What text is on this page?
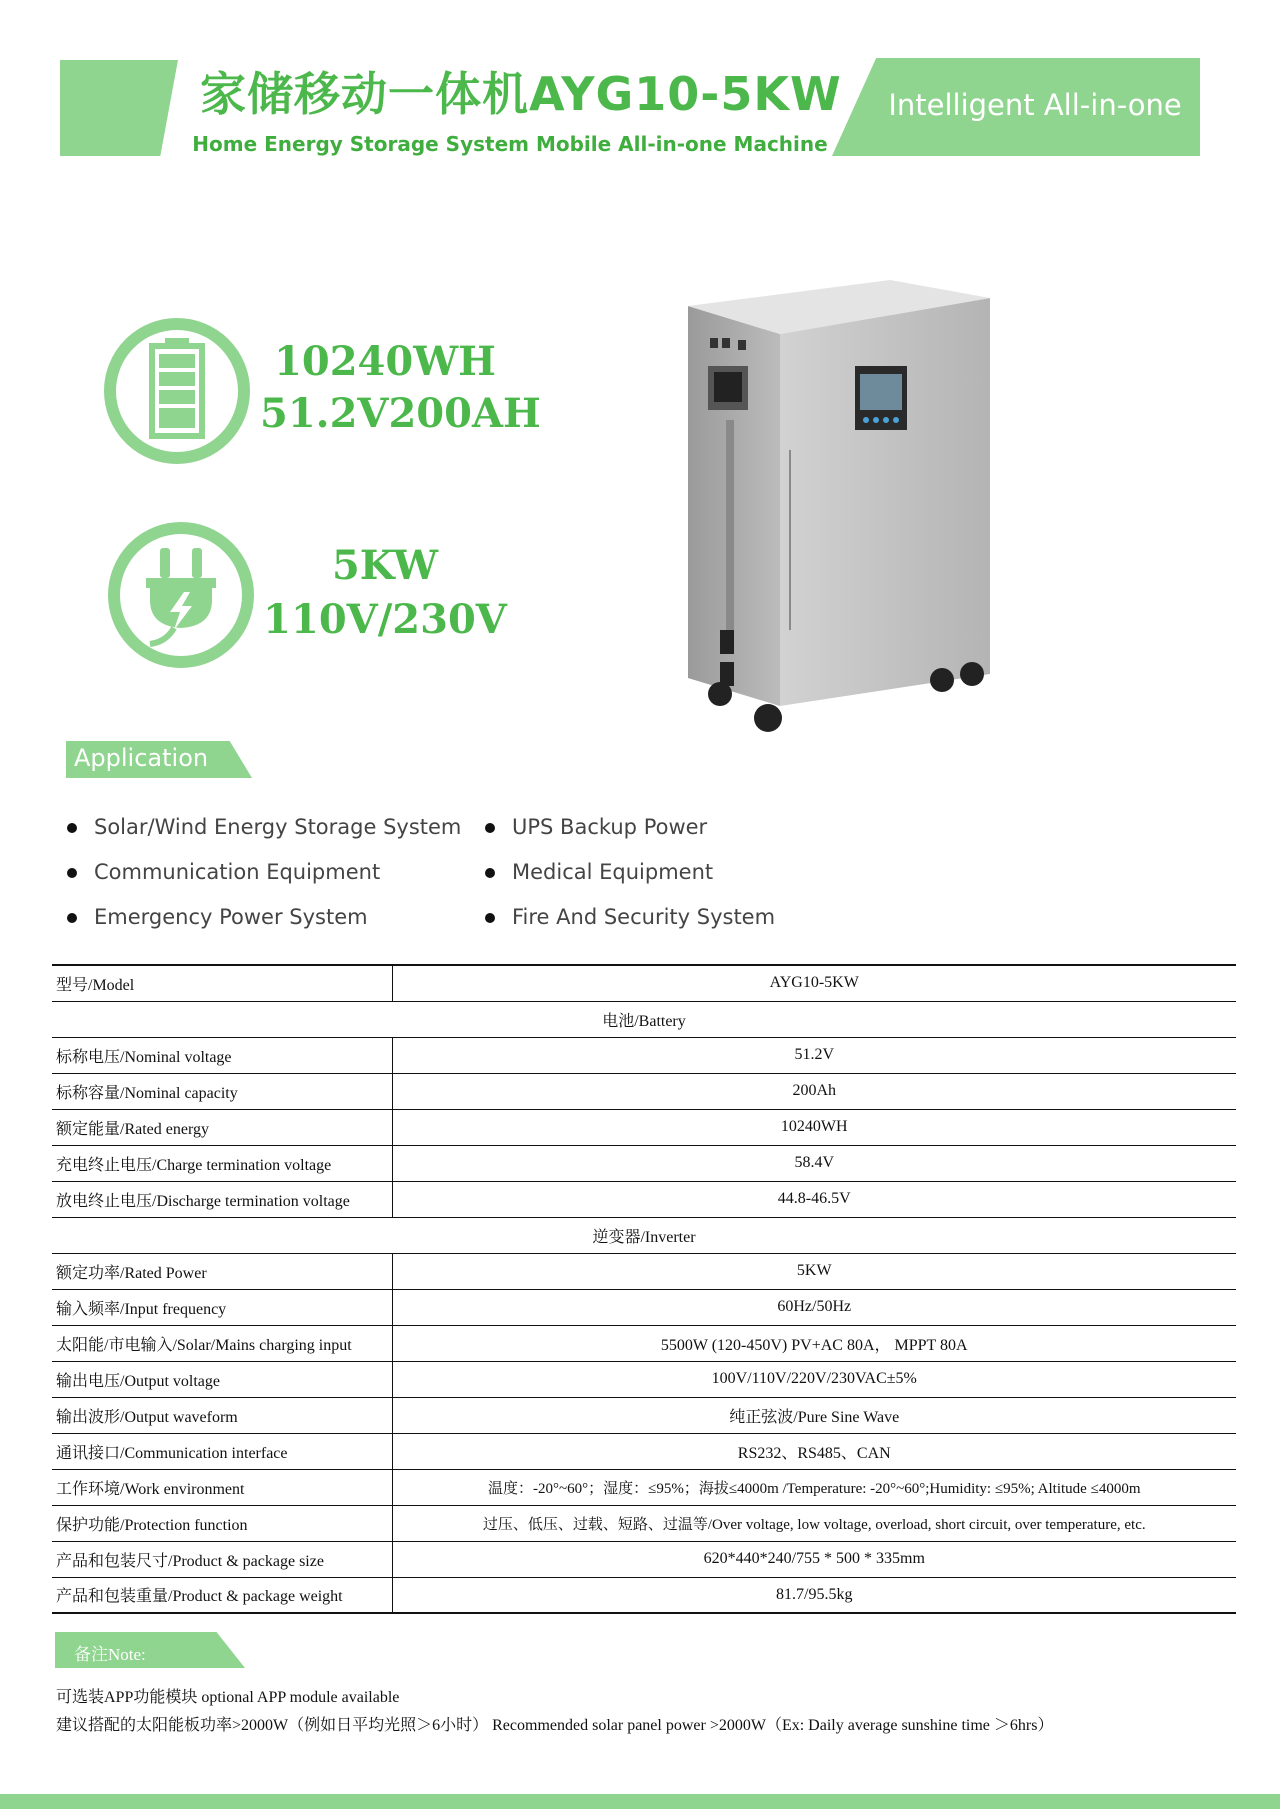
家储移动一体机AYG10-5KW
Home Energy Storage System Mobile All-in-one Machine
Intelligent All-in-one
10240WH
51.2V200AH
5KW
110V/230V
Application
Solar/Wind Energy Storage System UPS Backup Power
Communication Equipment	Medical Equipment
Emergency Power System	Fire And Security System
型号/Model	AYG10-5KW
电池/Battery	
标称电压/Nominal voltage	51.2V
标称容量/Nominal capacity	200Ah
额定能量/Rated energy	10240WH
充电终止电压/Charge termination voltage	58.4V
放电终止电压/Discharge termination voltage	44.8-46.5V
逆变器/Inverter	
额定功率/Rated Power	5KW
输入频率/Input frequency	60Hz/50Hz
太阳能/市电输入/Solar/Mains charging input	5500W (120-450V) PV+AC 80A， MPPT 80A
输出电压/Output voltage	100V/110V/220V/230VAC±5%
输出波形/Output waveform	纯正弦波/Pure Sine Wave
通讯接口/Communication interface	RS232、RS485、CAN
工作环境/Work environment	温度：-20°~60°；湿度：≤95%；海拔≤4000m /Temperature: -20°~60°;Humidity: ≤95%; Altitude ≤4000m
保护功能/Protection function	过压、低压、过载、短路、过温等/Over voltage, low voltage, overload, short circuit, over temperature, etc.
产品和包装尺寸/Product & package size	620*440*240/755 * 500 * 335mm
产品和包装重量/Product & package weight	81.7/95.5kg
备注Note:
可选装APP功能模块 optional APP module available
建议搭配的太阳能板功率>2000W（例如日平均光照＞6小时） Recommended solar panel power >2000W（Ex: Daily average sunshine time ＞6hrs）
